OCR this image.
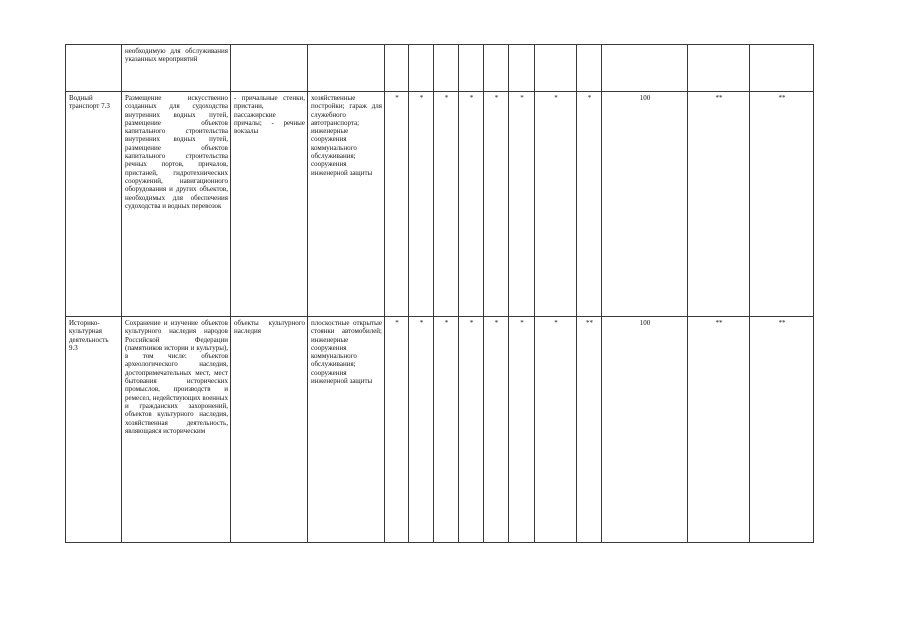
	необходимую для обслуживания указанных мероприятий													
Водный транспорт 7.3	Размещение искусственно созданных для судоходства внутренних водных путей, размещение объектов капитального строительства внутренних водных путей, размещение объектов капитального строительства речных портов, причалов, пристаней, гидротехнических сооружений, навигационного оборудования и других объектов, необходимых для обеспечения судоходства и водных перевозок	- причальные стенки, пристани, пассажирские причалы; - речные вокзалы	хозяйственные постройки; гараж для служебного автотранспорта; инженерные сооружения коммунального обслуживания; сооружения инженерной защиты	*	*	*	*	*	*	*	*	100	**	**
Историко-культурная деятельность 9.3	Сохранение и изучение объектов культурного наследия народов Российской Федерации (памятников истории и культуры), в том числе: объектов археологического наследия, достопримечательных мест, мест бытования исторических промыслов, производств и ремесел, недействующих военных и гражданских захоронений, объектов культурного наследия, хозяйственная деятельность, являющаяся историческим	объекты культурного наследия	плоскостные открытые стоянки автомобилей; инженерные сооружения коммунального обслуживания; сооружения инженерной защиты	*	*	*	*	*	*	*	**	100	**	**
